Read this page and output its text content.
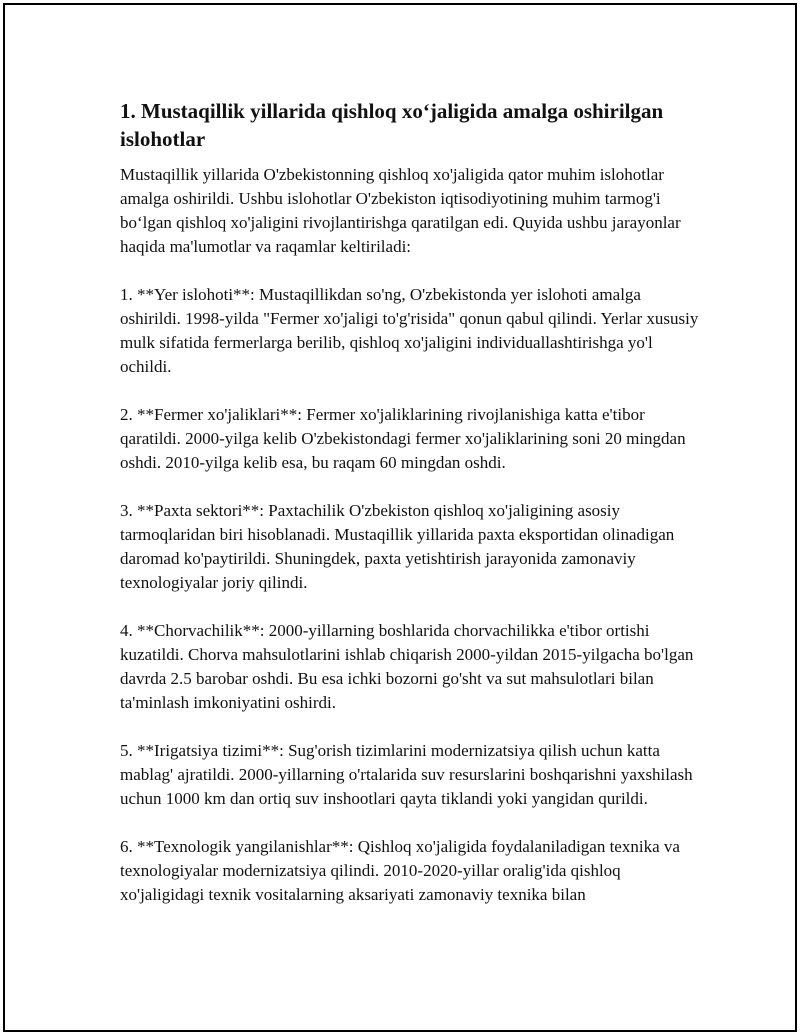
1. Mustaqillik yillarida qishloq xo‘jaligida amalga oshirilgan islohotlar

Mustaqillik yillarida O'zbekistonning qishloq xo'jaligida qator muhim islohotlar amalga oshirildi. Ushbu islohotlar O'zbekiston iqtisodiyotining muhim tarmog'i bo‘lgan qishloq xo'jaligini rivojlantirishga qaratilgan edi. Quyida ushbu jarayonlar haqida ma'lumotlar va raqamlar keltiriladi:

1. **Yer islohoti**: Mustaqillikdan so'ng, O'zbekistonda yer islohoti amalga oshirildi. 1998-yilda "Fermer xo'jaligi to'g'risida" qonun qabul qilindi. Yerlar xususiy mulk sifatida fermerlarga berilib, qishloq xo'jaligini individuallashtirishga yo'l ochildi.

2. **Fermer xo'jaliklari**: Fermer xo'jaliklarining rivojlanishiga katta e'tibor qaratildi. 2000-yilga kelib O'zbekistondagi fermer xo'jaliklarining soni 20 mingdan oshdi. 2010-yilga kelib esa, bu raqam 60 mingdan oshdi.

3. **Paxta sektori**: Paxtachilik O'zbekiston qishloq xo'jaligining asosiy tarmoqlaridan biri hisoblanadi. Mustaqillik yillarida paxta eksportidan olinadigan daromad ko'paytirildi. Shuningdek, paxta yetishtirish jarayonida zamonaviy texnologiyalar joriy qilindi.

4. **Chorvachilik**: 2000-yillarning boshlarida chorvachilikka e'tibor ortishi kuzatildi. Chorva mahsulotlarini ishlab chiqarish 2000-yildan 2015-yilgacha bo'lgan davrda 2.5 barobar oshdi. Bu esa ichki bozorni go'sht va sut mahsulotlari bilan ta'minlash imkoniyatini oshirdi.

5. **Irigatsiya tizimi**: Sug'orish tizimlarini modernizatsiya qilish uchun katta mablag' ajratildi. 2000-yillarning o'rtalarida suv resurslarini boshqarishni yaxshilash uchun 1000 km dan ortiq suv inshootlari qayta tiklandi yoki yangidan qurildi.

6. **Texnologik yangilanishlar**: Qishloq xo'jaligida foydalaniladigan texnika va texnologiyalar modernizatsiya qilindi. 2010-2020-yillar oralig'ida qishloq xo'jaligidagi texnik vositalarning aksariyati zamonaviy texnika bilan
